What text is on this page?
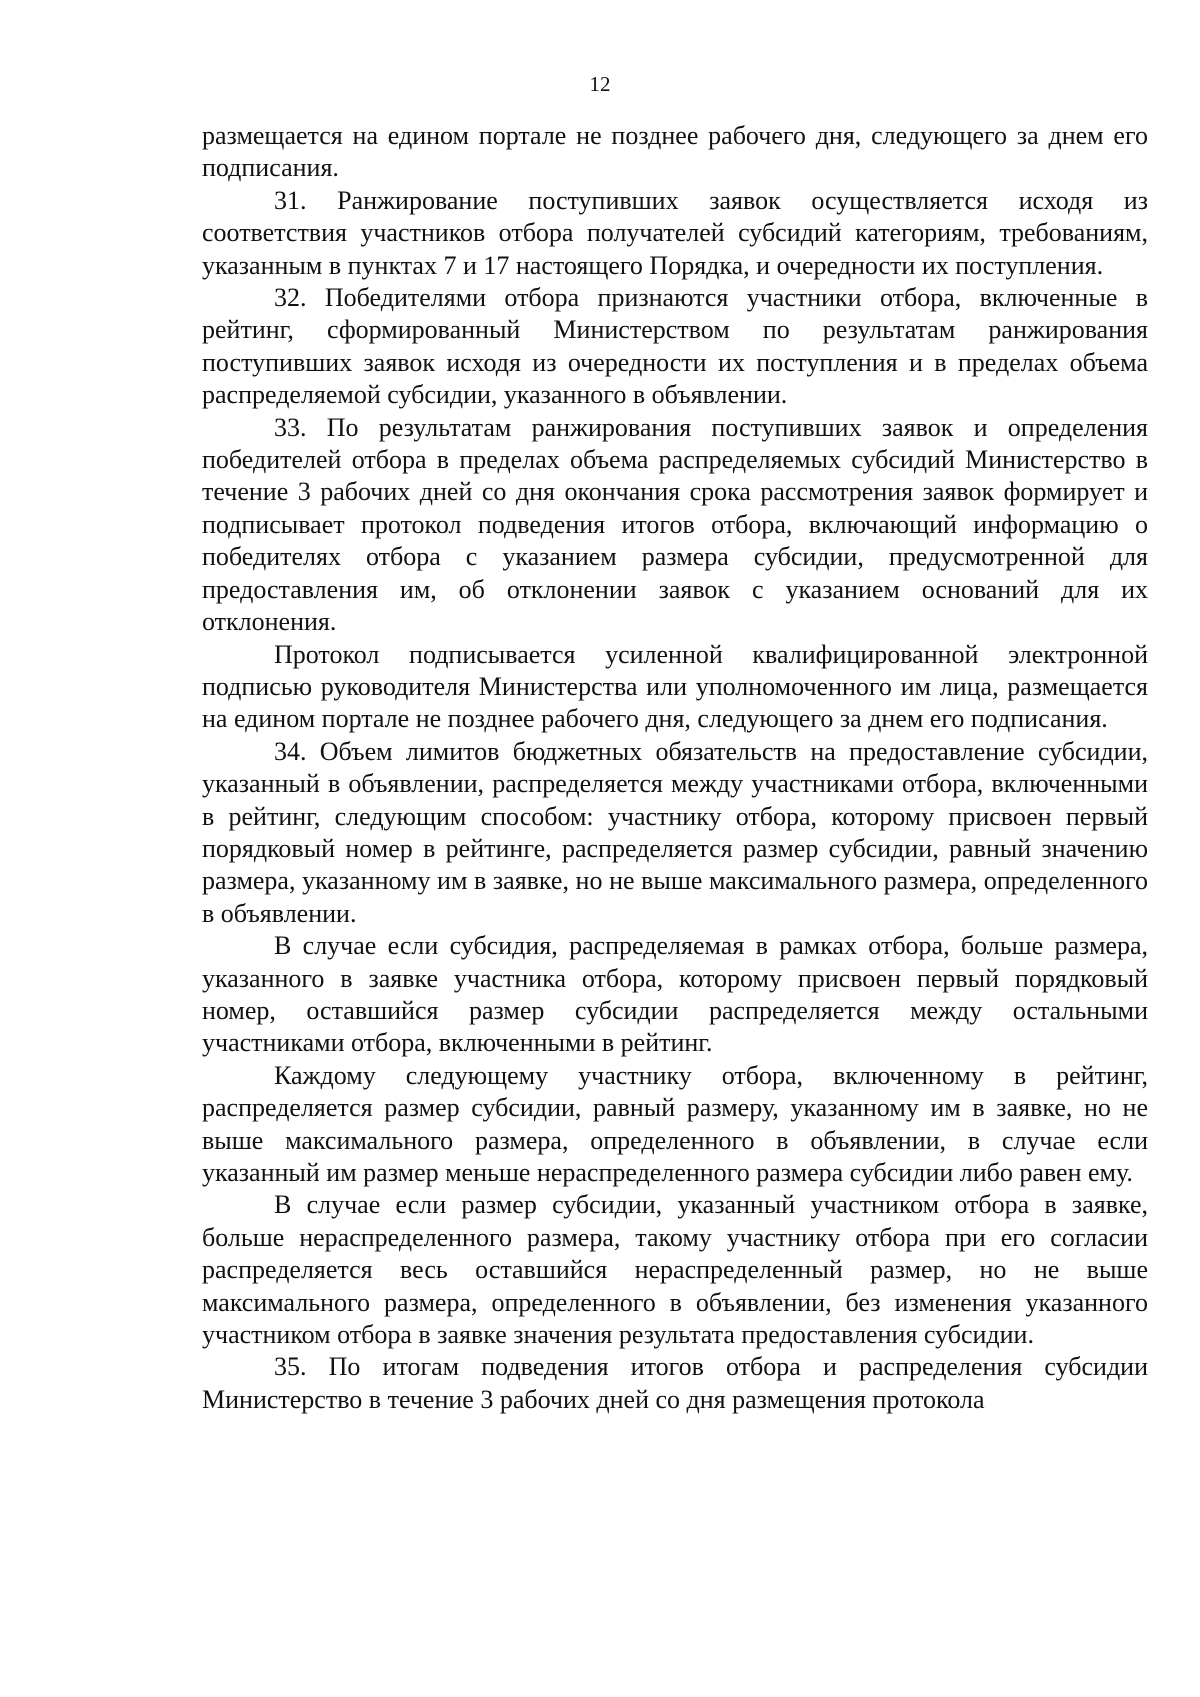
12

размещается на едином портале не позднее рабочего дня, следующего за днем его подписания.

31. Ранжирование поступивших заявок осуществляется исходя из соответствия участников отбора получателей субсидий категориям, требованиям, указанным в пунктах 7 и 17 настоящего Порядка, и очередности их поступления.

32. Победителями отбора признаются участники отбора, включенные в рейтинг, сформированный Министерством по результатам ранжирования поступивших заявок исходя из очередности их поступления и в пределах объема распределяемой субсидии, указанного в объявлении.

33. По результатам ранжирования поступивших заявок и определения победителей отбора в пределах объема распределяемых субсидий Министерство в течение 3 рабочих дней со дня окончания срока рассмотрения заявок формирует и подписывает протокол подведения итогов отбора, включающий информацию о победителях отбора с указанием размера субсидии, предусмотренной для предоставления им, об отклонении заявок с указанием оснований для их отклонения.

Протокол подписывается усиленной квалифицированной электронной подписью руководителя Министерства или уполномоченного им лица, размещается на едином портале не позднее рабочего дня, следующего за днем его подписания.

34. Объем лимитов бюджетных обязательств на предоставление субсидии, указанный в объявлении, распределяется между участниками отбора, включенными в рейтинг, следующим способом: участнику отбора, которому присвоен первый порядковый номер в рейтинге, распределяется размер субсидии, равный значению размера, указанному им в заявке, но не выше максимального размера, определенного в объявлении.

В случае если субсидия, распределяемая в рамках отбора, больше размера, указанного в заявке участника отбора, которому присвоен первый порядковый номер, оставшийся размер субсидии распределяется между остальными участниками отбора, включенными в рейтинг.

Каждому следующему участнику отбора, включенному в рейтинг, распределяется размер субсидии, равный размеру, указанному им в заявке, но не выше максимального размера, определенного в объявлении, в случае если указанный им размер меньше нераспределенного размера субсидии либо равен ему.

В случае если размер субсидии, указанный участником отбора в заявке, больше нераспределенного размера, такому участнику отбора при его согласии распределяется весь оставшийся нераспределенный размер, но не выше максимального размера, определенного в объявлении, без изменения указанного участником отбора в заявке значения результата предоставления субсидии.

35. По итогам подведения итогов отбора и распределения субсидии Министерство в течение 3 рабочих дней со дня размещения протокола
